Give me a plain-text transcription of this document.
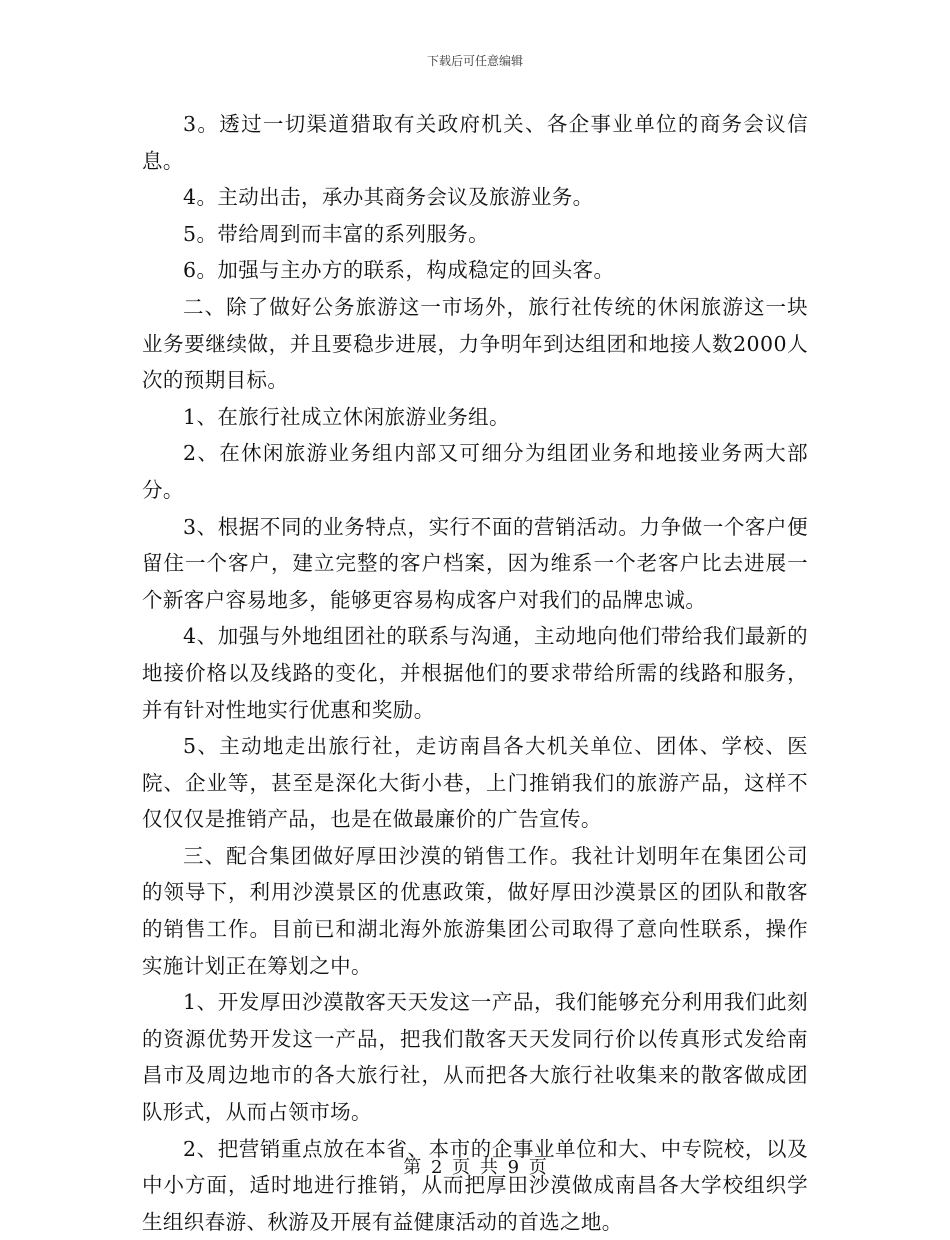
下载后可任意编辑

3。透过一切渠道猎取有关政府机关、各企事业单位的商务会议信息。

4。主动出击，承办其商务会议及旅游业务。

5。带给周到而丰富的系列服务。

6。加强与主办方的联系，构成稳定的回头客。

二、除了做好公务旅游这一市场外，旅行社传统的休闲旅游这一块业务要继续做，并且要稳步进展，力争明年到达组团和地接人数2000人次的预期目标。

1、在旅行社成立休闲旅游业务组。

2、在休闲旅游业务组内部又可细分为组团业务和地接业务两大部分。

3、根据不同的业务特点，实行不面的营销活动。力争做一个客户便留住一个客户，建立完整的客户档案，因为维系一个老客户比去进展一个新客户容易地多，能够更容易构成客户对我们的品牌忠诚。

4、加强与外地组团社的联系与沟通，主动地向他们带给我们最新的地接价格以及线路的变化，并根据他们的要求带给所需的线路和服务，并有针对性地实行优惠和奖励。

5、主动地走出旅行社，走访南昌各大机关单位、团体、学校、医院、企业等，甚至是深化大街小巷，上门推销我们的旅游产品，这样不仅仅仅是推销产品，也是在做最廉价的广告宣传。

三、配合集团做好厚田沙漠的销售工作。我社计划明年在集团公司的领导下，利用沙漠景区的优惠政策，做好厚田沙漠景区的团队和散客的销售工作。目前已和湖北海外旅游集团公司取得了意向性联系，操作实施计划正在筹划之中。

1、开发厚田沙漠散客天天发这一产品，我们能够充分利用我们此刻的资源优势开发这一产品，把我们散客天天发同行价以传真形式发给南昌市及周边地市的各大旅行社，从而把各大旅行社收集来的散客做成团队形式，从而占领市场。

2、把营销重点放在本省、本市的企事业单位和大、中专院校，以及中小方面，适时地进行推销，从而把厚田沙漠做成南昌各大学校组织学生组织春游、秋游及开展有益健康活动的首选之地。

第 2 页 共 9 页
